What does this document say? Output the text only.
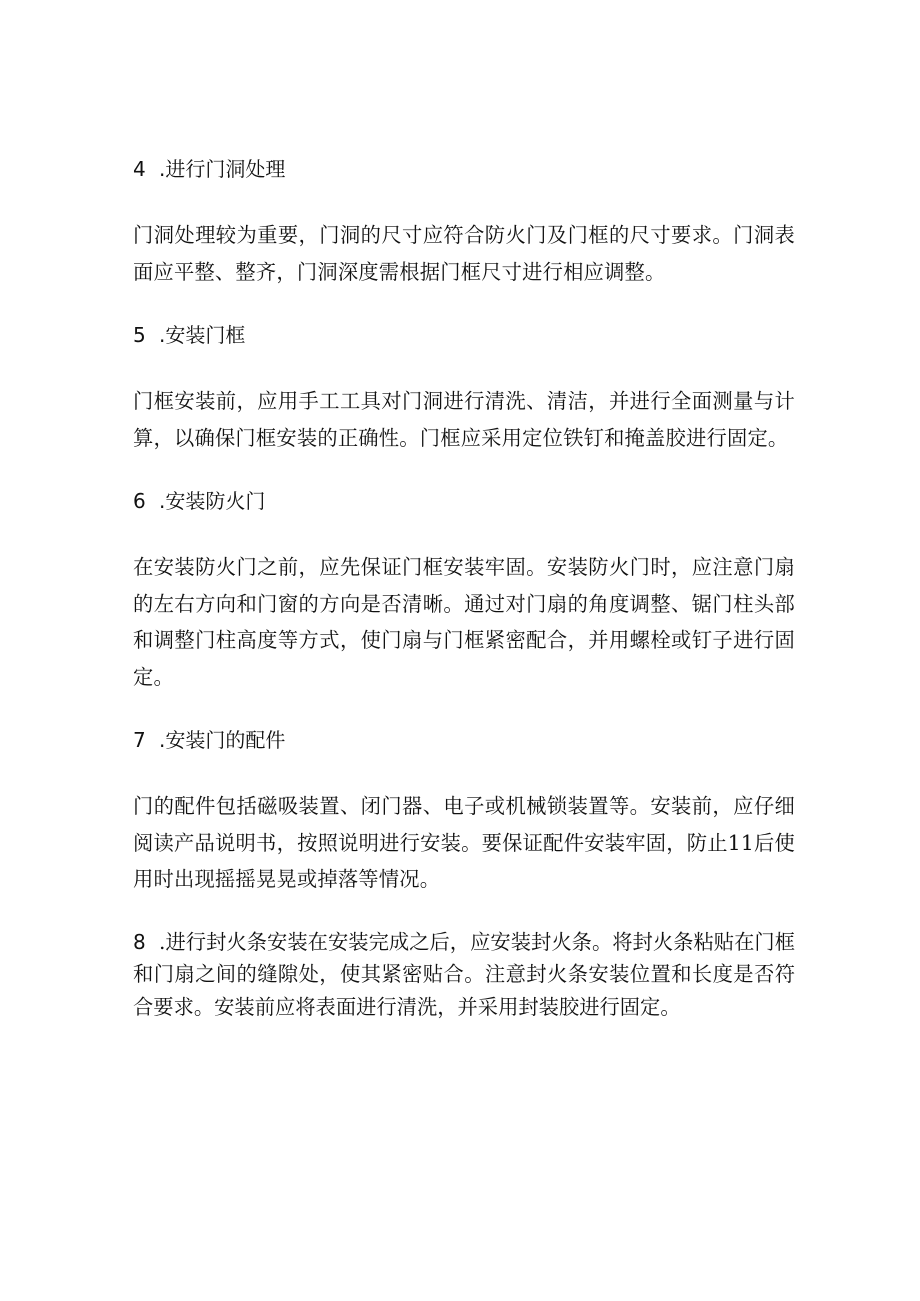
4 .进行门洞处理

门洞处理较为重要，门洞的尺寸应符合防火门及门框的尺寸要求。门洞表面应平整、整齐，门洞深度需根据门框尺寸进行相应调整。

5 .安装门框

门框安装前，应用手工工具对门洞进行清洗、清洁，并进行全面测量与计算，以确保门框安装的正确性。门框应采用定位铁钉和掩盖胶进行固定。

6 .安装防火门

在安装防火门之前，应先保证门框安装牢固。安装防火门时，应注意门扇的左右方向和门窗的方向是否清晰。通过对门扇的角度调整、锯门柱头部和调整门柱高度等方式，使门扇与门框紧密配合，并用螺栓或钉子进行固定。

7 .安装门的配件

门的配件包括磁吸装置、闭门器、电子或机械锁装置等。安装前，应仔细阅读产品说明书，按照说明进行安装。要保证配件安装牢固，防止11后使用时出现摇摇晃晃或掉落等情况。

8 .进行封火条安装在安装完成之后，应安装封火条。将封火条粘贴在门框和门扇之间的缝隙处，使其紧密贴合。注意封火条安装位置和长度是否符合要求。安装前应将表面进行清洗，并采用封装胶进行固定。
